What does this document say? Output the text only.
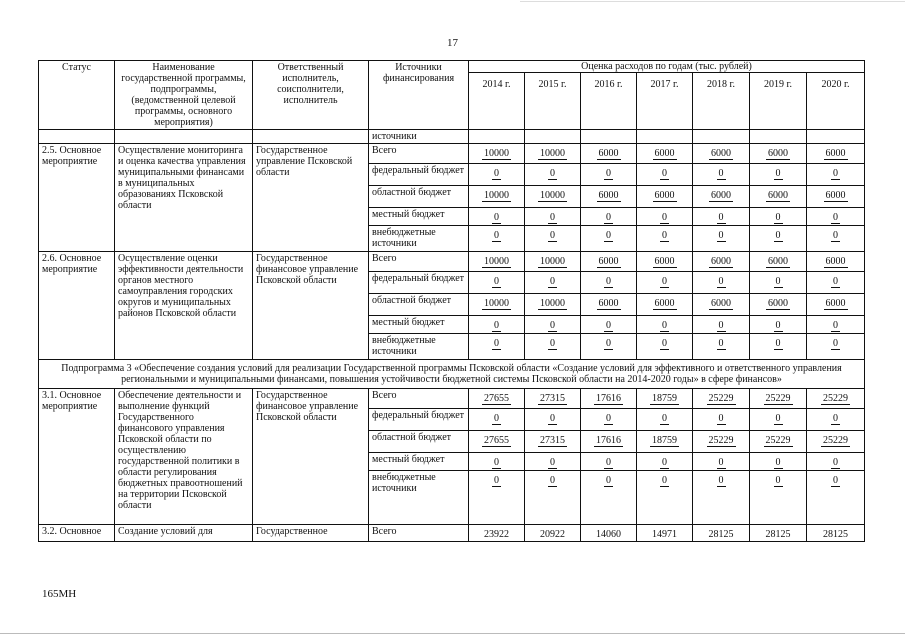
17
Статус	Наименование государственной программы, подпрограммы, (ведомственной целевой программы, основного мероприятия)	Ответственный исполнитель, соисполнители, исполнитель	Источники финансирования	Оценка расходов по годам (тыс. рублей)						
				2014 г.	2015 г.	2016 г.	2017 г.	2018 г.	2019 г.	2020 г.
			источники							
2.5. Основное мероприятие	Осуществление мониторинга и оценка качества управления муниципальными финансами в муниципальных образованиях Псковской области	Государственное управление Псковской области	Всего	10000	10000	6000	6000	6000	6000	6000
			федеральный бюджет	0	0	0	0	0	0	0
			областной бюджет	10000	10000	6000	6000	6000	6000	6000
			местный бюджет	0	0	0	0	0	0	0
			внебюджетные источники	0	0	0	0	0	0	0
2.6. Основное мероприятие	Осуществление оценки эффективности деятельности органов местного самоуправления городских округов и муниципальных районов Псковской области	Государственное финансовое управление Псковской области	Всего	10000	10000	6000	6000	6000	6000	6000
			федеральный бюджет	0	0	0	0	0	0	0
			областной бюджет	10000	10000	6000	6000	6000	6000	6000
			местный бюджет	0	0	0	0	0	0	0
			внебюджетные источники	0	0	0	0	0	0	0
Подпрограмма 3 «Обеспечение создания условий для реализации Государственной программы Псковской области «Создание условий для эффективного и ответственного управления региональными и муниципальными финансами, повышения устойчивости бюджетной системы Псковской области на 2014-2020 годы» в сфере финансов»										
3.1. Основное мероприятие	Обеспечение деятельности и выполнение функций Государственного финансового управления Псковской области по осуществлению государственной политики в области регулирования бюджетных правоотношений на территории Псковской области	Государственное финансовое управление Псковской области	Всего	27655	27315	17616	18759	25229	25229	25229
			федеральный бюджет	0	0	0	0	0	0	0
			областной бюджет	27655	27315	17616	18759	25229	25229	25229
			местный бюджет	0	0	0	0	0	0	0
			внебюджетные источники	0	0	0	0	0	0	0
3.2. Основное	Создание условий для	Государственное	Всего	23922	20922	14060	14971	28125	28125	28125
165МН
